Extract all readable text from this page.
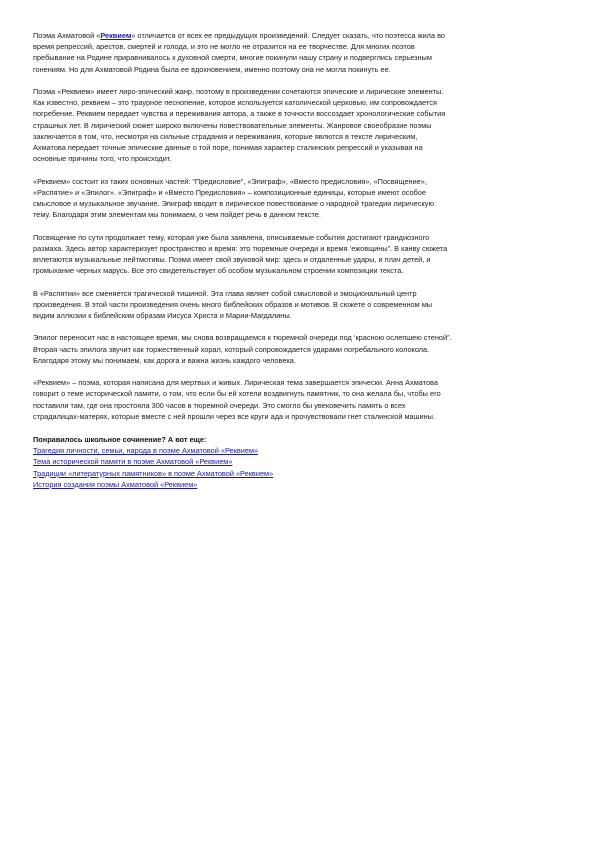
Поэма Ахматовой «Реквием» отличается от всех ее предыдущих произведений. Следует сказать, что поэтесса жила во

время репрессий, арестов, смертей и голода, и это не могло не отразится на ее творчестве. Для многих поэтов

пребывание на Родине приравнивалось к духовной смерти, многие покинули нашу страну и подверглись серьезным

гонениям. Но для Ахматовой Родина была ее вдохновением, именно поэтому она не могла покинуть ее.

Поэма «Реквием» имеет лиро-эпический жанр, поэтому в произведении сочетаются эпические и лирические элементы.

Как известно, реквием – это траурное песнопение, которое используется католической церковью, им сопровождается

погребение. Реквием передает чувства и переживания автора, а также в точности воссоздает хронологические события

страшных лет. В лирический сюжет широко включены повествовательные элементы. Жанровое своеобразие поэмы

заключается в том, что, несмотря на сильные страдания и переживания, которые явлются в тексте лирическим,

Ахматова передает точные эпические данные о той поре, понимая характер сталинских репрессий и указывая на

основные причины того, что происходит.

«Реквием» состоит из таких основных частей: “Предисловие”, «Эпиграф», «Вместо предисловия», «Посвящение»,

«Распятие» и «Эпилог». «Эпиграф» и «Вместо Предисловия» – композиционные единицы, которые имеют особое

смысловое и музыкальное звучание. Эпиграф вводит в лирическое повествование о народной трагедии лирическую

тему. Благодаря этим элементам мы понимаем, о чем пойдет речь в данном тексте.

Посвящение по сути продолжает тему, которая уже была заявлена, описываемые события достигают грандиозного

размаха. Здесь автор характеризует пространство и время: это тюремные очереди и время ‘ежовщины”. В канву сюжета

вплетаются музыкальные лейтмотивы. Поэма имеет свой звуковой мир: здесь и отдаленные удары, и плач детей, и

громыхание черных марусь. Все это свидетельствует об особом музыкальном строении композиции текста.

В «Распятии» все сменяется трагической тишиной. Эта глава являет собой смысловой и эмоциональный центр

произведения. В этой части произведения очень много библейских образов и мотивов. В сюжете о современном мы

видим аллюзии к библейским образам Иисуса Христа и Марии-Магдалины.

Эпилог переносит нас в настоящее время, мы снова возвращаемся к тюремной очереди под ‘красною ослепшею стеной”.

Вторая часть эпилога звучит как торжественный хорал, который сопровождается ударами погребального колокола.

Благодаря этому мы понимаем, как дорога и важна жизнь каждого человека.

«Реквием» – поэма, которая написана для мертвых и живых. Лирическая тема завершается эпически. Анна Ахматова

говорит о теме исторической памяти, о том, что если бы ей хотели воздвигнуть памятник, то она желала бы, чтобы его

поставили там, где она простояла 300 часов в тюремной очереди. Это смогло бы увековечить память о всех

страдалицах-матерях, которые вместе с ней прошли через все круги ада и прочувствовали гнет сталинской машины.

Понравилось школьное сочинение? А вот еще:

Трагедия личности, семьи, народа в поэме Ахматовой «Реквием»
Тема исторической памяти в поэме Ахматовой «Реквием»
Традиции «литературных памятников» в поэме Ахматовой «Реквием»
История создания поэмы Ахматовой «Реквием»
